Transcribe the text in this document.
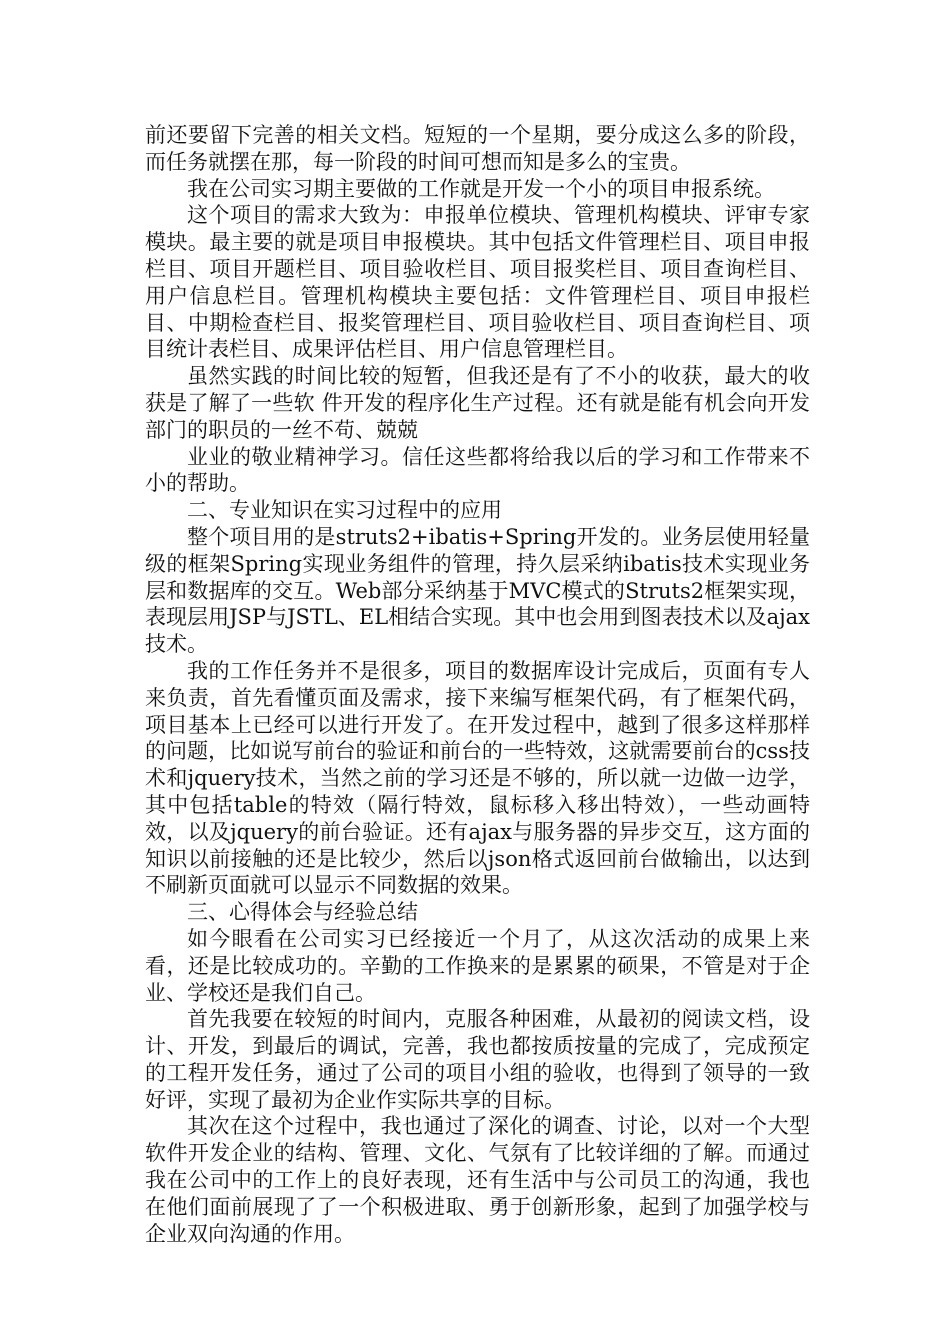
前还要留下完善的相关文档。短短的一个星期，要分成这么多的阶段，而任务就摆在那，每一阶段的时间可想而知是多么的宝贵。

我在公司实习期主要做的工作就是开发一个小的项目申报系统。

这个项目的需求大致为：申报单位模块、管理机构模块、评审专家模块。最主要的就是项目申报模块。其中包括文件管理栏目、项目申报栏目、项目开题栏目、项目验收栏目、项目报奖栏目、项目查询栏目、用户信息栏目。管理机构模块主要包括：文件管理栏目、项目申报栏目、中期检查栏目、报奖管理栏目、项目验收栏目、项目查询栏目、项目统计表栏目、成果评估栏目、用户信息管理栏目。

虽然实践的时间比较的短暂，但我还是有了不小的收获，最大的收获是了解了一些软 件开发的程序化生产过程。还有就是能有机会向开发部门的职员的一丝不苟、兢兢

业业的敬业精神学习。信任这些都将给我以后的学习和工作带来不小的帮助。

二、专业知识在实习过程中的应用

整个项目用的是struts2+ibatis+Spring开发的。业务层使用轻量级的框架Spring实现业务组件的管理，持久层采纳ibatis技术实现业务层和数据库的交互。Web部分采纳基于MVC模式的Struts2框架实现，表现层用JSP与JSTL、EL相结合实现。其中也会用到图表技术以及ajax技术。

我的工作任务并不是很多，项目的数据库设计完成后，页面有专人来负责，首先看懂页面及需求，接下来编写框架代码，有了框架代码，项目基本上已经可以进行开发了。在开发过程中，越到了很多这样那样的问题，比如说写前台的验证和前台的一些特效，这就需要前台的css技术和jquery技术，当然之前的学习还是不够的，所以就一边做一边学，其中包括table的特效（隔行特效，鼠标移入移出特效），一些动画特效，以及jquery的前台验证。还有ajax与服务器的异步交互，这方面的知识以前接触的还是比较少，然后以json格式返回前台做输出，以达到不刷新页面就可以显示不同数据的效果。

三、心得体会与经验总结

如今眼看在公司实习已经接近一个月了，从这次活动的成果上来看，还是比较成功的。辛勤的工作换来的是累累的硕果，不管是对于企业、学校还是我们自己。

首先我要在较短的时间内，克服各种困难，从最初的阅读文档，设计、开发，到最后的调试，完善，我也都按质按量的完成了，完成预定的工程开发任务，通过了公司的项目小组的验收，也得到了领导的一致好评，实现了最初为企业作实际共享的目标。

其次在这个过程中，我也通过了深化的调查、讨论，以对一个大型软件开发企业的结构、管理、文化、气氛有了比较详细的了解。而通过我在公司中的工作上的良好表现，还有生活中与公司员工的沟通，我也在他们面前展现了了一个积极进取、勇于创新形象，起到了加强学校与企业双向沟通的作用。
